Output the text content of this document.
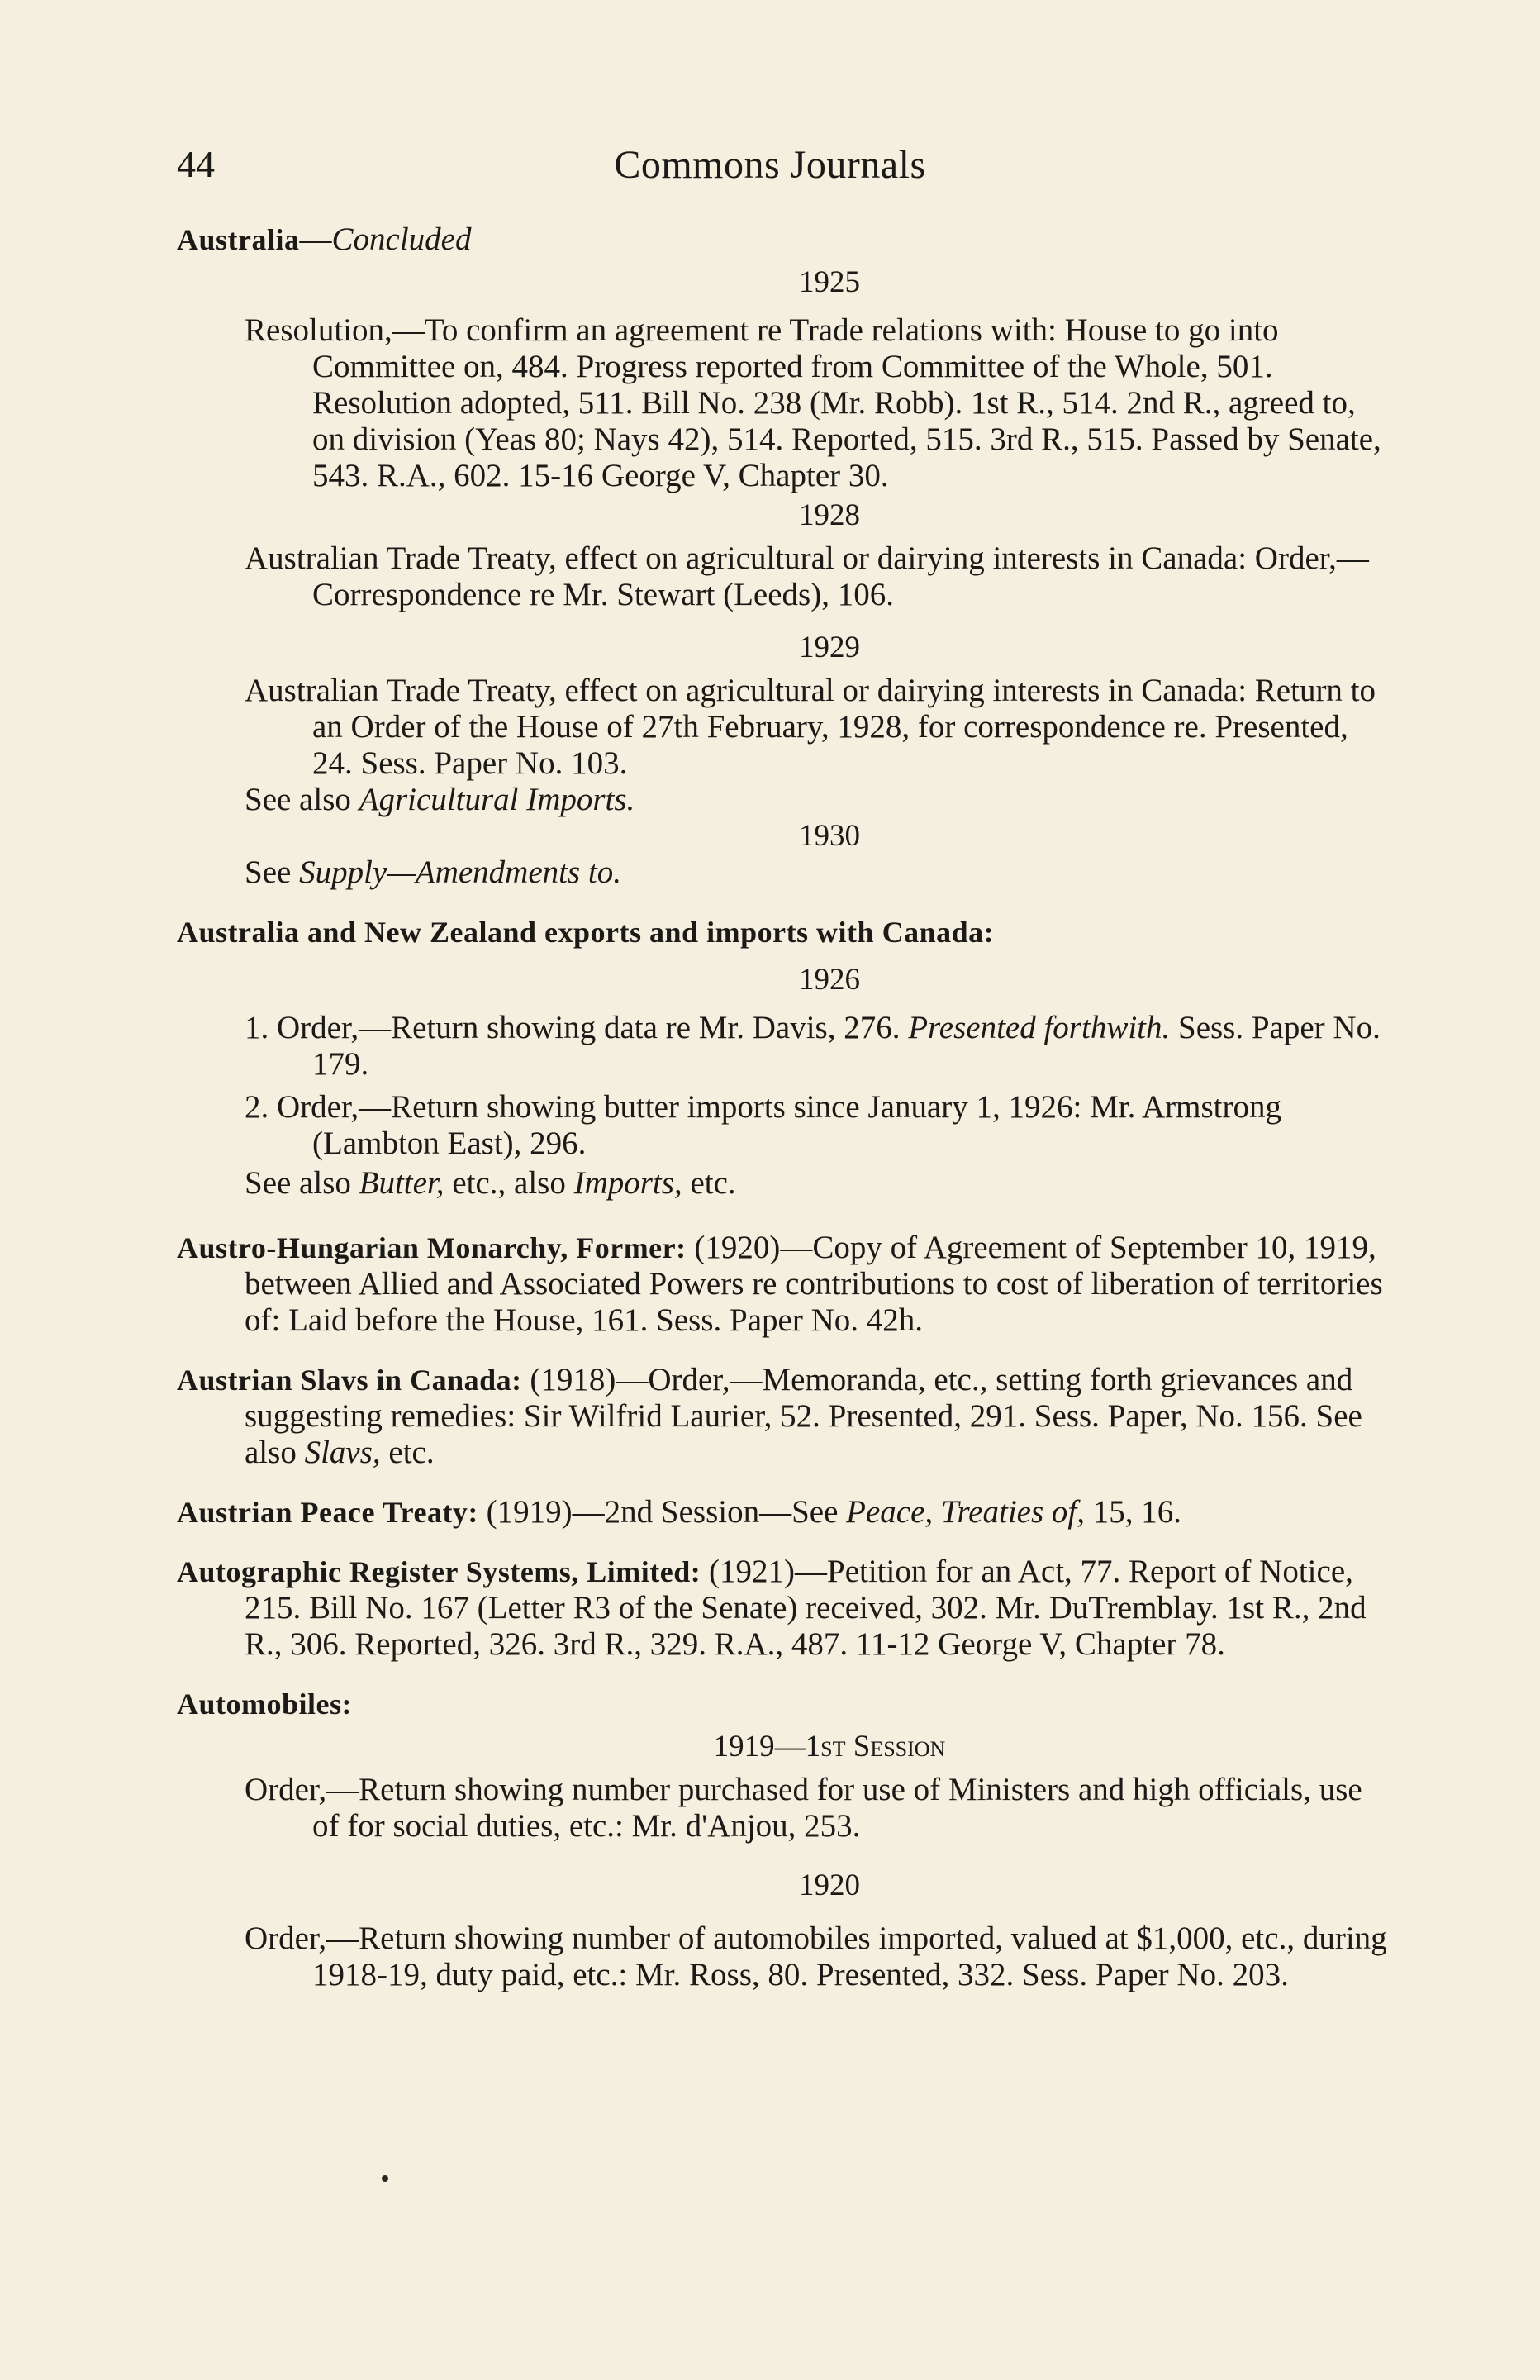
44	Commons Journals
Australia—Concluded
1925
Resolution,—To confirm an agreement re Trade relations with: House to go into Committee on, 484. Progress reported from Committee of the Whole, 501. Resolution adopted, 511. Bill No. 238 (Mr. Robb). 1st R., 514. 2nd R., agreed to, on division (Yeas 80; Nays 42), 514. Reported, 515. 3rd R., 515. Passed by Senate, 543. R.A., 602. 15-16 George V, Chapter 30.
1928
Australian Trade Treaty, effect on agricultural or dairying interests in Canada: Order,—Correspondence re Mr. Stewart (Leeds), 106.
1929
Australian Trade Treaty, effect on agricultural or dairying interests in Canada: Return to an Order of the House of 27th February, 1928, for correspondence re. Presented, 24. Sess. Paper No. 103.
See also Agricultural Imports.
1930
See Supply—Amendments to.
Australia and New Zealand exports and imports with Canada:
1926
1. Order,—Return showing data re Mr. Davis, 276. Presented forthwith. Sess. Paper No. 179.
2. Order,—Return showing butter imports since January 1, 1926: Mr. Armstrong (Lambton East), 296.
See also Butter, etc., also Imports, etc.
Austro-Hungarian Monarchy, Former: (1920)—Copy of Agreement of September 10, 1919, between Allied and Associated Powers re contributions to cost of liberation of territories of: Laid before the House, 161. Sess. Paper No. 42h.
Austrian Slavs in Canada: (1918)—Order,—Memoranda, etc., setting forth grievances and suggesting remedies: Sir Wilfrid Laurier, 52. Presented, 291. Sess. Paper, No. 156. See also Slavs, etc.
Austrian Peace Treaty: (1919)—2nd Session—See Peace, Treaties of, 15, 16.
Autographic Register Systems, Limited: (1921)—Petition for an Act, 77. Report of Notice, 215. Bill No. 167 (Letter R3 of the Senate) received, 302. Mr. DuTremblay. 1st R., 2nd R., 306. Reported, 326. 3rd R., 329. R.A., 487. 11-12 George V, Chapter 78.
Automobiles:
1919—1st Session
Order,—Return showing number purchased for use of Ministers and high officials, use of for social duties, etc.: Mr. d'Anjou, 253.
1920
Order,—Return showing number of automobiles imported, valued at $1,000, etc., during 1918-19, duty paid, etc.: Mr. Ross, 80. Presented, 332. Sess. Paper No. 203.
